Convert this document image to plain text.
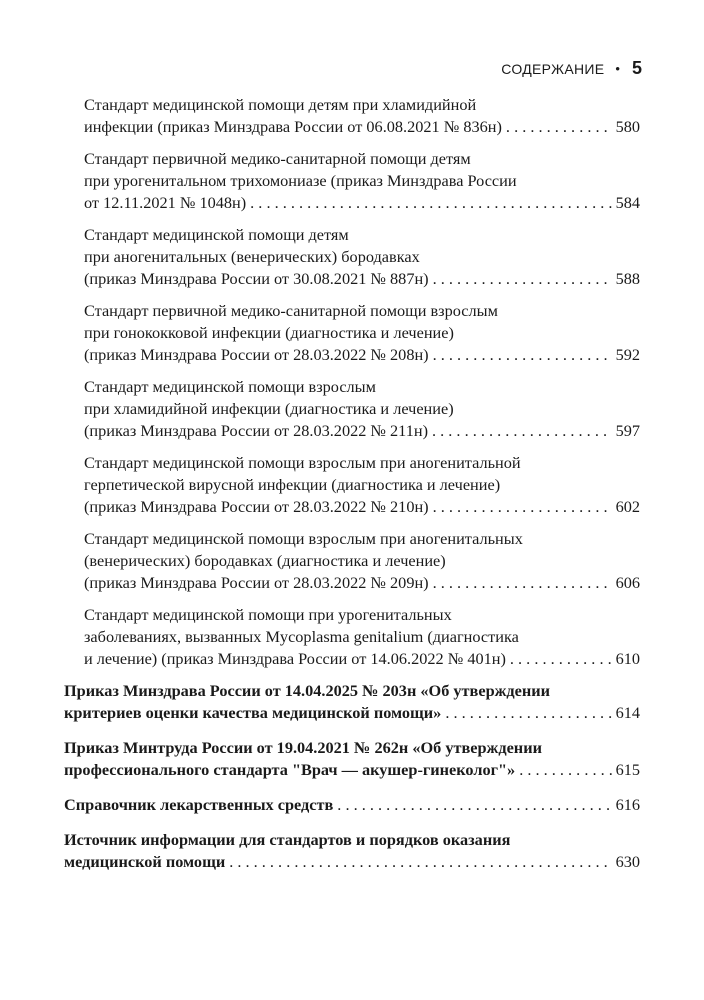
СОДЕРЖАНИЕ • 5
Стандарт медицинской помощи детям при хламидийной
инфекции (приказ Минздрава России от 06.08.2021 № 836н) . . .	580
Стандарт первичной медико-санитарной помощи детям
при урогенитальном трихомониазе (приказ Минздрава России
от 12.11.2021 № 1048н) . . .	584
Стандарт медицинской помощи детям
при аногенитальных (венерических) бородавках
(приказ Минздрава России от 30.08.2021 № 887н) . . .	588
Стандарт первичной медико-санитарной помощи взрослым
при гонококковой инфекции (диагностика и лечение)
(приказ Минздрава России от 28.03.2022 № 208н) . . .	592
Стандарт медицинской помощи взрослым
при хламидийной инфекции (диагностика и лечение)
(приказ Минздрава России от 28.03.2022 № 211н) . . .	597
Стандарт медицинской помощи взрослым при аногенитальной
герпетической вирусной инфекции (диагностика и лечение)
(приказ Минздрава России от 28.03.2022 № 210н) . . .	602
Стандарт медицинской помощи взрослым при аногенитальных
(венерических) бородавках (диагностика и лечение)
(приказ Минздрава России от 28.03.2022 № 209н) . . .	606
Стандарт медицинской помощи при урогенитальных
заболеваниях, вызванных Mycoplasma genitalium (диагностика
и лечение) (приказ Минздрава России от 14.06.2022 № 401н) . . .	610
Приказ Минздрава России от 14.04.2025 № 203н «Об утверждении
критериев оценки качества медицинской помощи» . . .	614
Приказ Минтруда России от 19.04.2021 № 262н «Об утверждении
профессионального стандарта "Врач — акушер-гинеколог"» . . .	615
Справочник лекарственных средств . . .	616
Источник информации для стандартов и порядков оказания
медицинской помощи . . .	630
